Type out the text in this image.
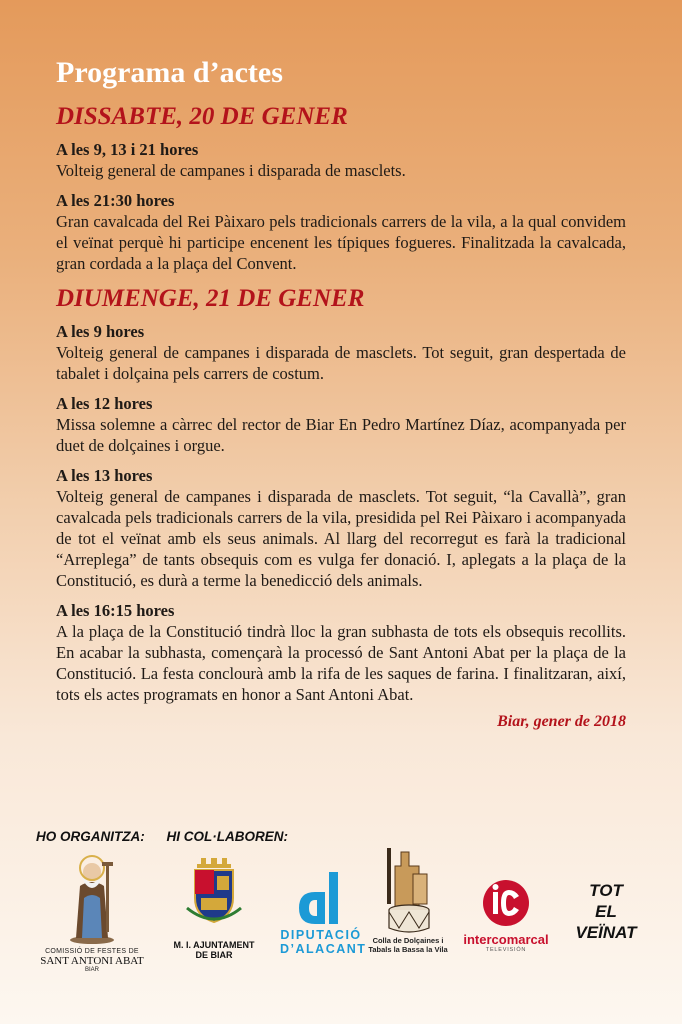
Programa d’actes
DISSABTE, 20 DE GENER
A les 9, 13 i 21 hores
Volteig general de campanes i disparada de masclets.
A les 21:30 hores
Gran cavalcada del Rei Pàixaro pels tradicionals carrers de la vila, a la qual convidem el veïnat perquè hi participe encenent les típiques fogueres. Finalitzada la cavalcada, gran cordada a la plaça del Convent.
DIUMENGE, 21 DE GENER
A les 9 hores
Volteig general de campanes i disparada de masclets. Tot seguit, gran despertada de tabalet i dolçaina pels carrers de costum.
A les 12 hores
Missa solemne a càrrec del rector de Biar En Pedro Martínez Díaz, acompanyada per duet de dolçaines i orgue.
A les 13 hores
Volteig general de campanes i disparada de masclets. Tot seguit, “la Cavallà”, gran cavalcada pels tradicionals carrers de la vila, presidida pel Rei Pàixaro i acompanyada de tot el veïnat amb els seus animals. Al llarg del recorregut es farà la tradicional “Arreplega” de tants obsequis com es vulga fer donació. I, aplegats a la plaça de la Constitució, es durà a terme la benedicció dels animals.
A les 16:15 hores
A la plaça de la Constitució tindrà lloc la gran subhasta de tots els obsequis recollits. En acabar la subhasta, començarà la processó de Sant Antoni Abat per la plaça de la Constitució. La festa conclourà amb la rifa de les saques de farina. I finalitzaran, així, tots els actes programats en honor a Sant Antoni Abat.
Biar, gener de 2018
HO ORGANITZA: HI COL·LABOREN:
COMISSIÓ DE FESTES DE
SANT ANTONI ABAT
BIAR
M. I. AJUNTAMENT
DE BIAR
DIPUTACIÓ
D’ALACANT
Colla de Dolçaines i
Tabals la Bassa la Vila
intercomarcal
TELEVISIÓN
TOT
EL
VEÏNAT
